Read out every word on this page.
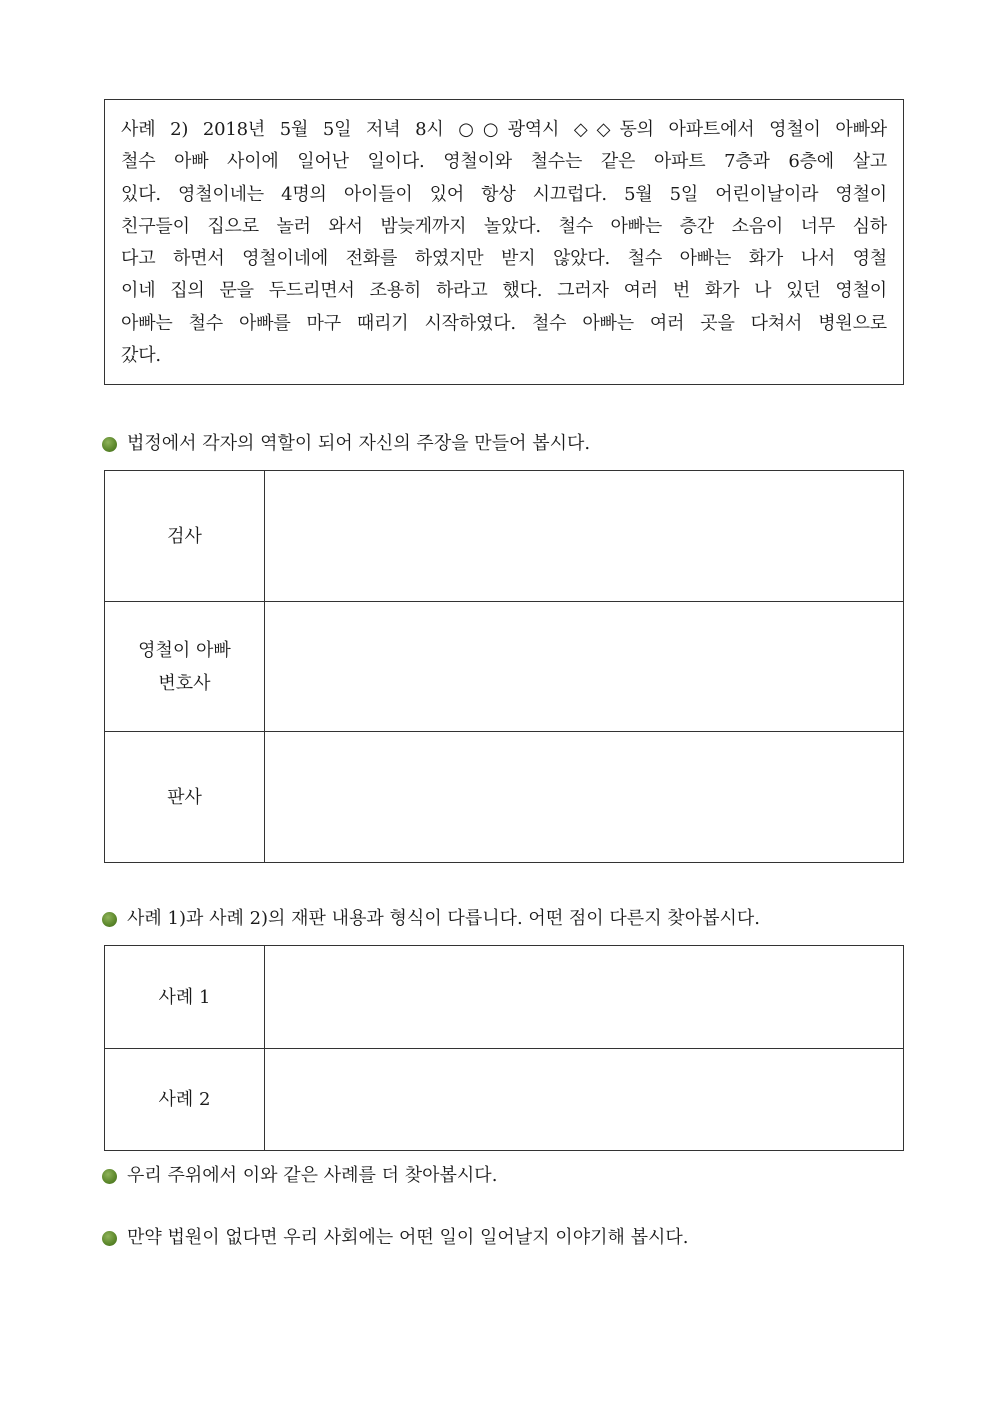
사례 2) 2018년 5월 5일 저녁 8시 ○○광역시 ◇◇동의 아파트에서 영철이 아빠와
철수 아빠 사이에 일어난 일이다. 영철이와 철수는 같은 아파트 7층과 6층에 살고
있다. 영철이네는 4명의 아이들이 있어 항상 시끄럽다. 5월 5일 어린이날이라 영철이
친구들이 집으로 놀러 와서 밤늦게까지 놀았다. 철수 아빠는 층간 소음이 너무 심하
다고 하면서 영철이네에 전화를 하였지만 받지 않았다. 철수 아빠는 화가 나서 영철
이네 집의 문을 두드리면서 조용히 하라고 했다. 그러자 여러 번 화가 나 있던 영철이
아빠는 철수 아빠를 마구 때리기 시작하였다. 철수 아빠는 여러 곳을 다쳐서 병원으로
갔다.
법정에서 각자의 역할이 되어 자신의 주장을 만들어 봅시다.
검사	
영철이 아빠
변호사	
판사	
사례 1)과 사례 2)의 재판 내용과 형식이 다릅니다. 어떤 점이 다른지 찾아봅시다.
사례 1	
사례 2	
우리 주위에서 이와 같은 사례를 더 찾아봅시다.
만약 법원이 없다면 우리 사회에는 어떤 일이 일어날지 이야기해 봅시다.
